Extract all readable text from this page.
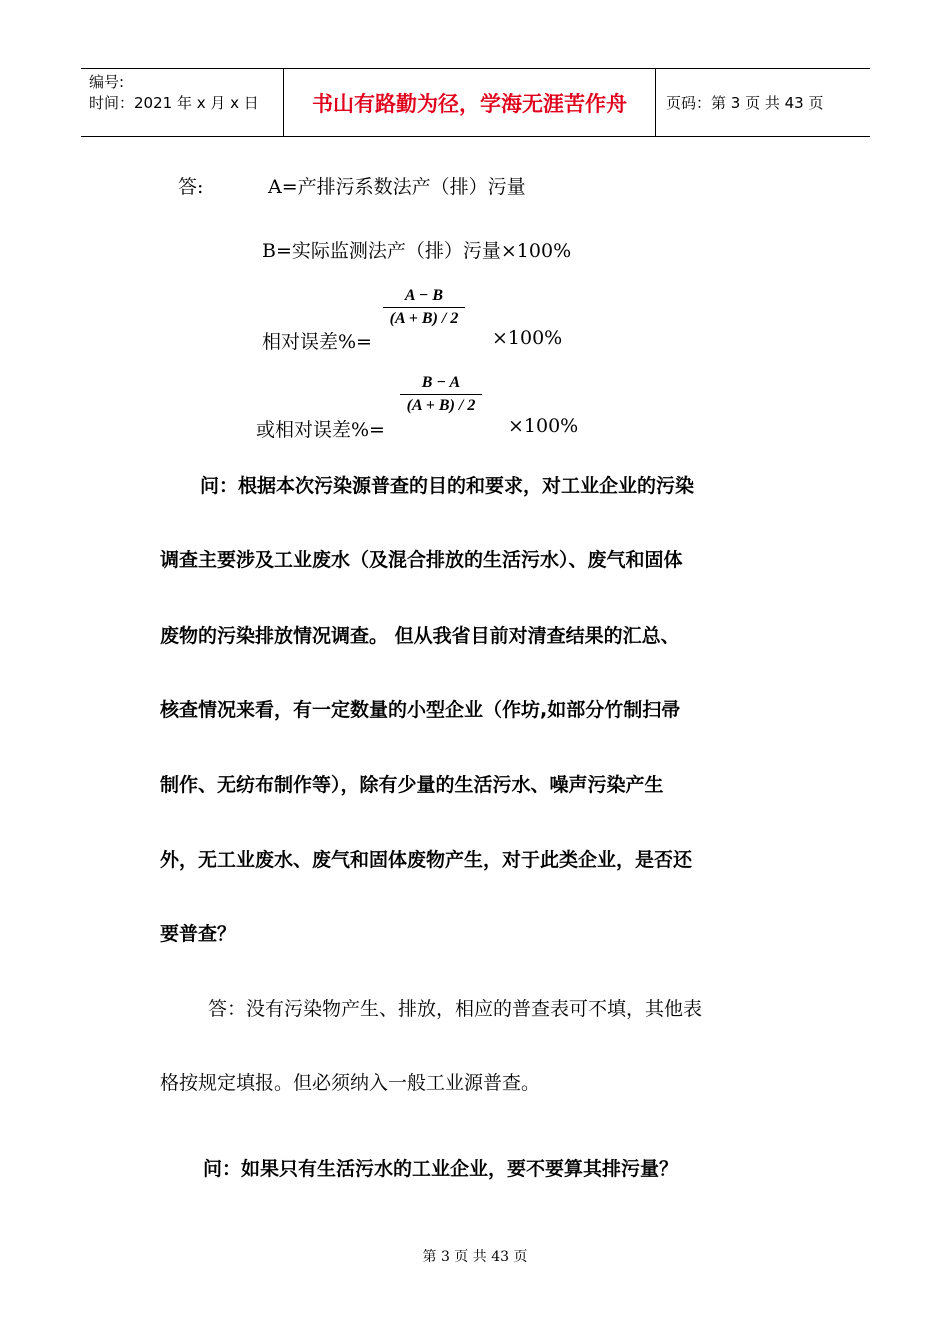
编号:
时间：2021 年 x 月 x 日	书山有路勤为径，学海无涯苦作舟	页码：第 3 页 共 43 页
答:	A=产排污系数法产（排）污量
B=实际监测法产（排）污量×100%
相对误差%=
A − B
(A + B) / 2
×100%
或相对误差%=
B − A
(A + B) / 2
×100%
问：根据本次污染源普查的目的和要求，对工业企业的污染
调查主要涉及工业废水（及混合排放的生活污水）、废气和固体
废物的污染排放情况调查。 但从我省目前对清查结果的汇总、
核查情况来看，有一定数量的小型企业（作坊,如部分竹制扫帚
制作、无纺布制作等），除有少量的生活污水、噪声污染产生
外，无工业废水、废气和固体废物产生，对于此类企业，是否还
要普查？
答：没有污染物产生、排放，相应的普查表可不填，其他表
格按规定填报。但必须纳入一般工业源普查。
问：如果只有生活污水的工业企业，要不要算其排污量？
第 3 页 共 43 页
